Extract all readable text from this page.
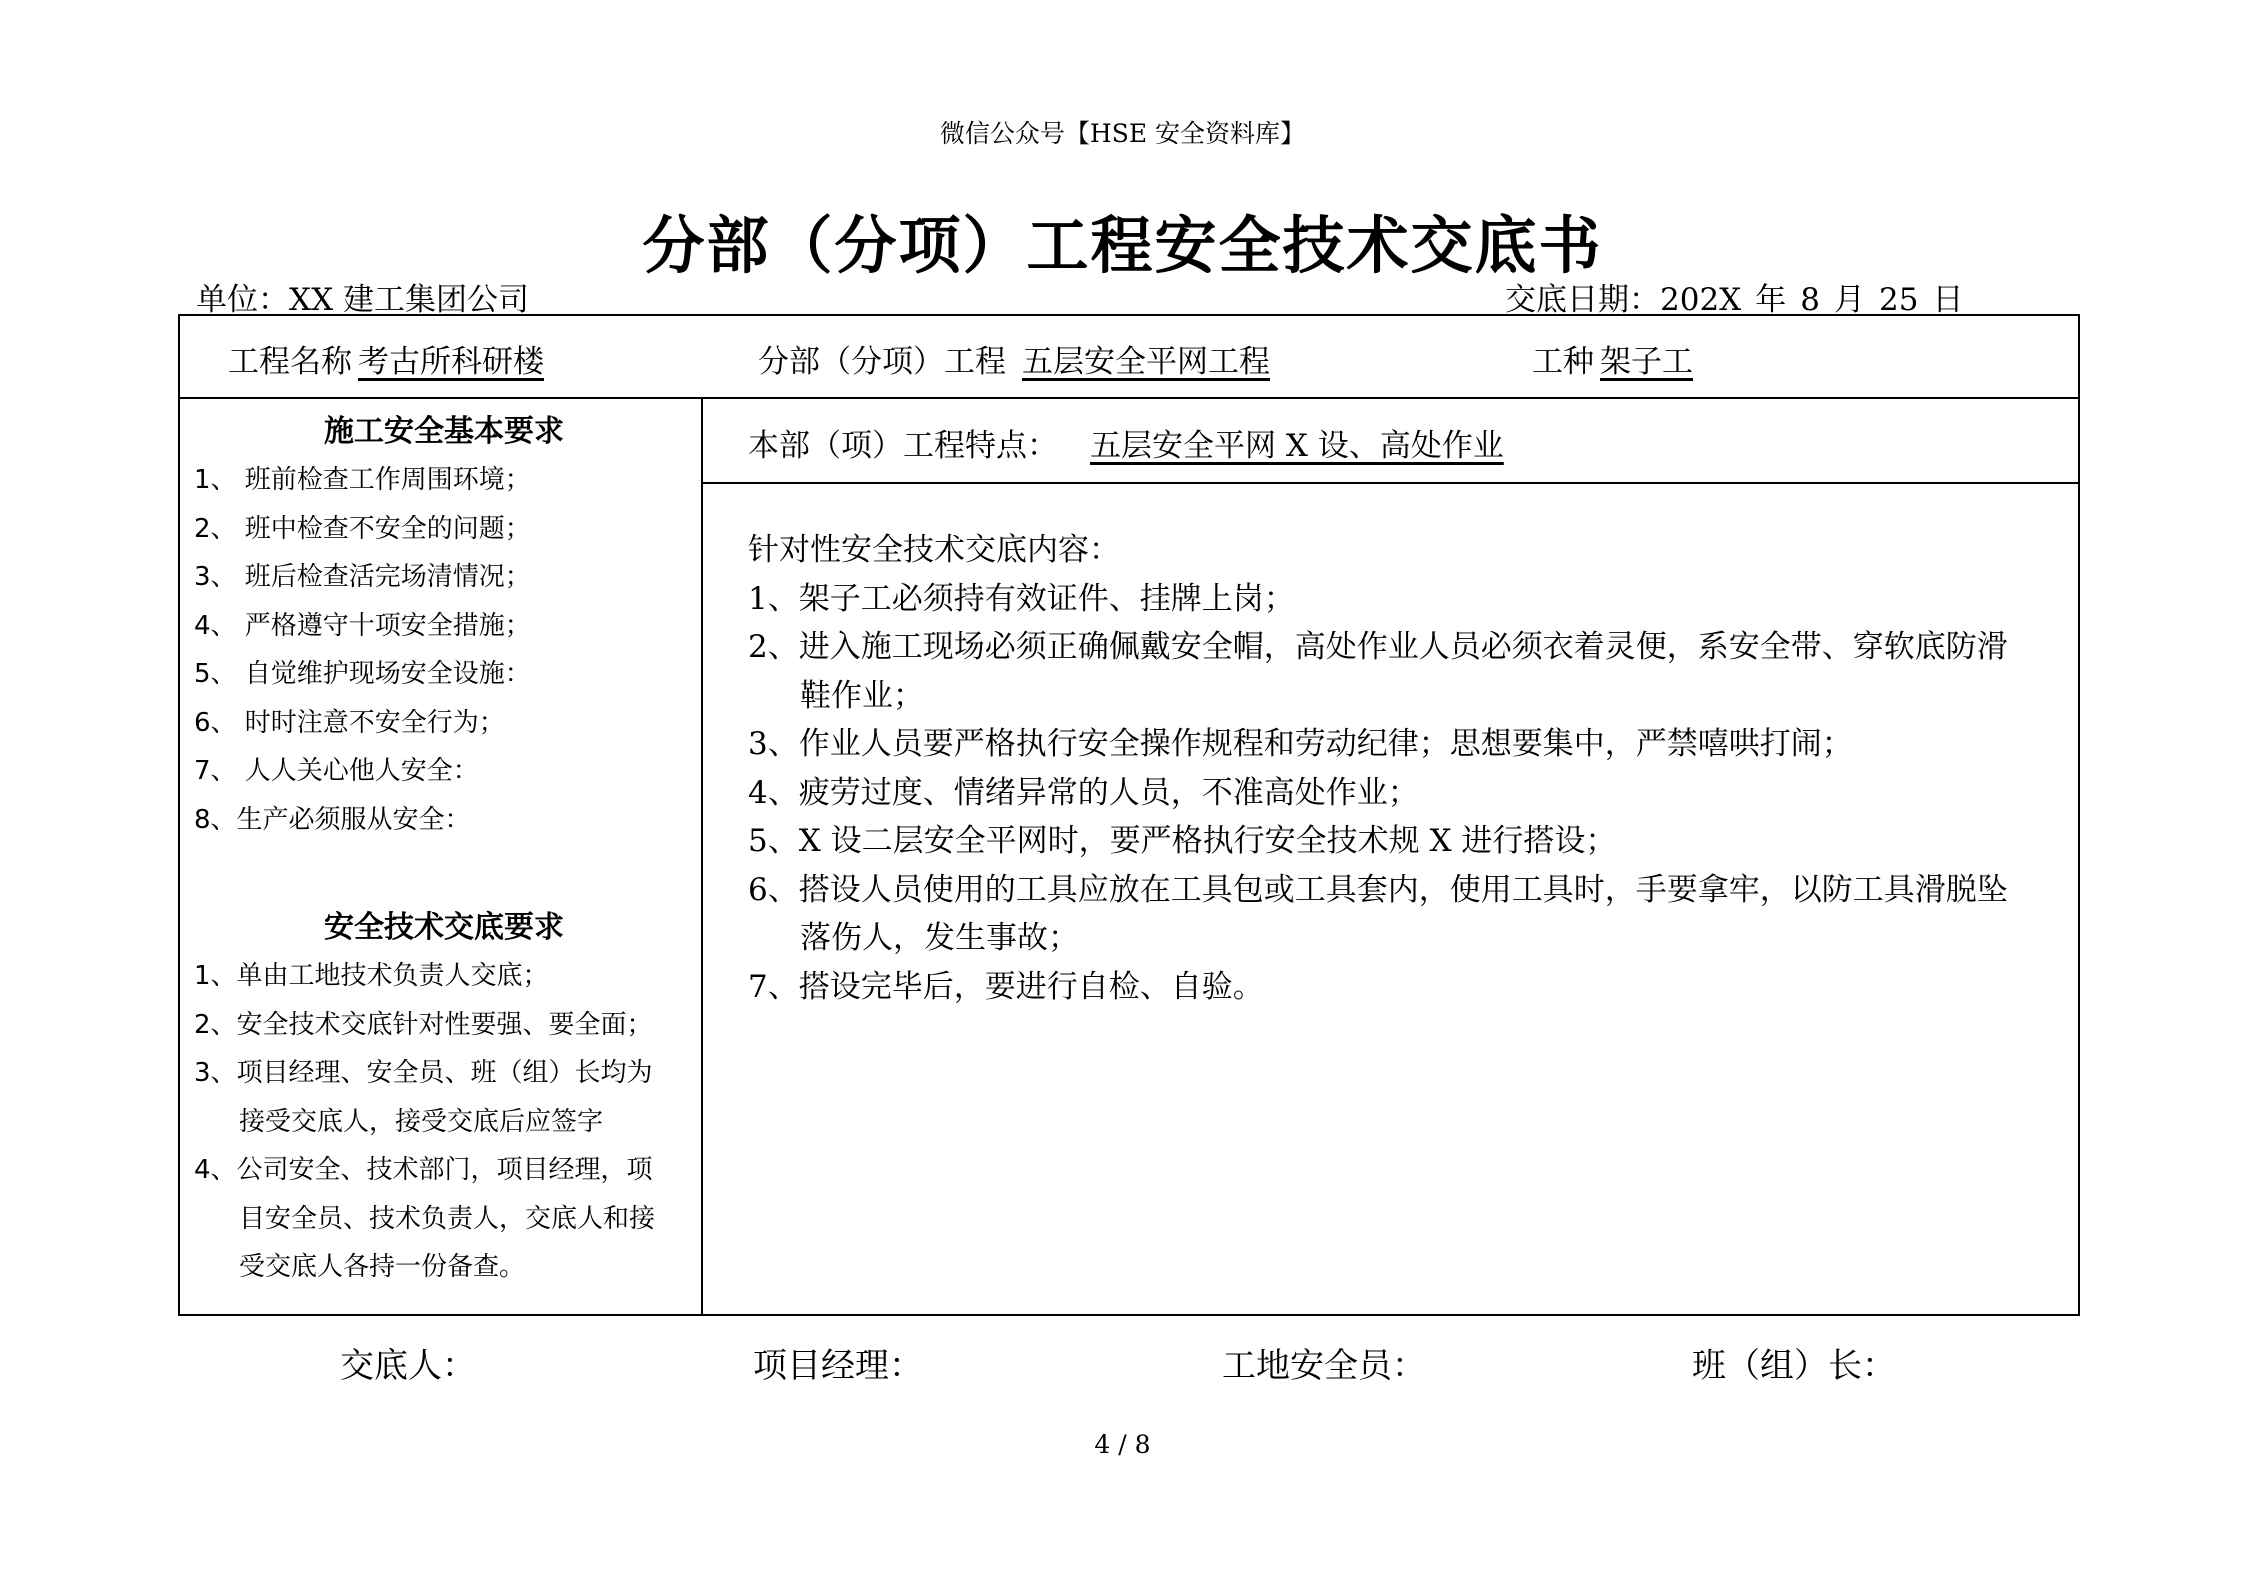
微信公众号【HSE 安全资料库】
分部（分项）工程安全技术交底书
单位：XX 建工集团公司	交底日期：202X 年 8 月 25 日
工程名称 考古所科研楼	分部（分项）工程 五层安全平网工程	工种 架子工
施工安全基本要求
1、 班前检查工作周围环境；
2、 班中检查不安全的问题；
3、 班后检查活完场清情况；
4、 严格遵守十项安全措施；
5、 自觉维护现场安全设施：
6、 时时注意不安全行为；
7、 人人关心他人安全：
8、生产必须服从安全：
安全技术交底要求
1、单由工地技术负责人交底；
2、安全技术交底针对性要强、要全面；
3、项目经理、安全员、班（组）长均为
接受交底人，接受交底后应签字
4、公司安全、技术部门，项目经理，项
目安全员、技术负责人，交底人和接
受交底人各持一份备查。
本部（项）工程特点： 五层安全平网 X 设、高处作业
针对性安全技术交底内容：
1、架子工必须持有效证件、挂牌上岗；
2、进入施工现场必须正确佩戴安全帽，高处作业人员必须衣着灵便，系安全带、穿软底防滑
鞋作业；
3、作业人员要严格执行安全操作规程和劳动纪律；思想要集中，严禁嘻哄打闹；
4、疲劳过度、情绪异常的人员，不准高处作业；
5、X 设二层安全平网时，要严格执行安全技术规 X 进行搭设；
6、搭设人员使用的工具应放在工具包或工具套内，使用工具时，手要拿牢，以防工具滑脱坠
落伤人，发生事故；
7、搭设完毕后，要进行自检、自验。
交底人：	项目经理：	工地安全员：	班（组）长：
4 / 8
